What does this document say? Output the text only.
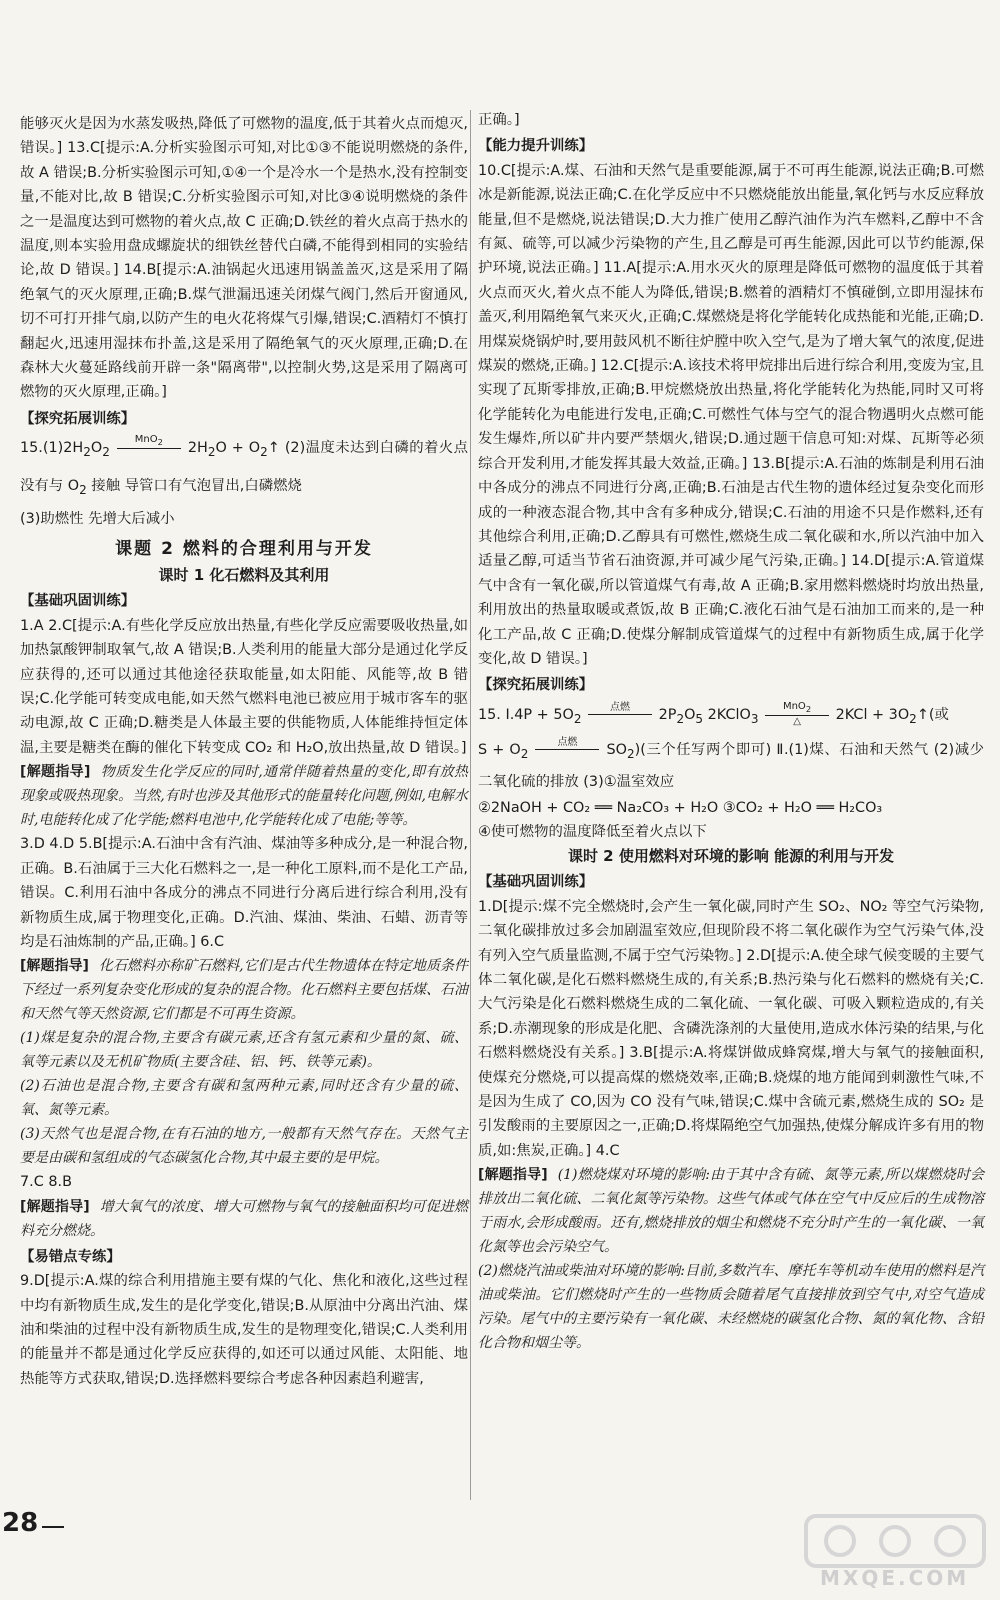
能够灭火是因为水蒸发吸热,降低了可燃物的温度,低于其着火点而熄灭,错误。] 13.C[提示:A.分析实验图示可知,对比①③不能说明燃烧的条件,故 A 错误;B.分析实验图示可知,①④一个是冷水一个是热水,没有控制变量,不能对比,故 B 错误;C.分析实验图示可知,对比③④说明燃烧的条件之一是温度达到可燃物的着火点,故 C 正确;D.铁丝的着火点高于热水的温度,则本实验用盘成螺旋状的细铁丝替代白磷,不能得到相同的实验结论,故 D 错误。] 14.B[提示:A.油锅起火迅速用锅盖盖灭,这是采用了隔绝氧气的灭火原理,正确;B.煤气泄漏迅速关闭煤气阀门,然后开窗通风,切不可打开排气扇,以防产生的电火花将煤气引爆,错误;C.酒精灯不慎打翻起火,迅速用湿抹布扑盖,这是采用了隔绝氧气的灭火原理,正确;D.在森林大火蔓延路线前开辟一条"隔离带",以控制火势,这是采用了隔离可燃物的灭火原理,正确。]

【探究拓展训练】

$15.(1)2H_2O_2$
MnO$_2$	$2H_2O$ + $O_2↑$ (2)温度未达到白磷的着火点 没有与 $O_2$ 接触 导管口有气泡冒出,白磷燃烧

(3)助燃性 先增大后减小

课题 2 燃料的合理利用与开发

课时 1 化石燃料及其利用

【基础巩固训练】

1.A 2.C[提示:A.有些化学反应放出热量,有些化学反应需要吸收热量,如加热氯酸钾制取氧气,故 A 错误;B.人类利用的能量大部分是通过化学反应获得的,还可以通过其他途径获取能量,如太阳能、风能等,故 B 错误;C.化学能可转变成电能,如天然气燃料电池已被应用于城市客车的驱动电源,故 C 正确;D.糖类是人体最主要的供能物质,人体能维持恒定体温,主要是糖类在酶的催化下转变成 CO₂ 和 H₂O,放出热量,故 D 错误。]

[解题指导] 物质发生化学反应的同时,通常伴随着热量的变化,即有放热现象或吸热现象。当然,有时也涉及其他形式的能量转化问题,例如,电解水时,电能转化成了化学能;燃料电池中,化学能转化成了电能;等等。

3.D 4.D 5.B[提示:A.石油中含有汽油、煤油等多种成分,是一种混合物,正确。B.石油属于三大化石燃料之一,是一种化工原料,而不是化工产品,错误。C.利用石油中各成分的沸点不同进行分离后进行综合利用,没有新物质生成,属于物理变化,正确。D.汽油、煤油、柴油、石蜡、沥青等均是石油炼制的产品,正确。] 6.C

[解题指导] 化石燃料亦称矿石燃料,它们是古代生物遗体在特定地质条件下经过一系列复杂变化形成的复杂的混合物。化石燃料主要包括煤、石油和天然气等天然资源,它们都是不可再生资源。

(1)煤是复杂的混合物,主要含有碳元素,还含有氢元素和少量的氮、硫、氧等元素以及无机矿物质(主要含硅、铝、钙、铁等元素)。

(2)石油也是混合物,主要含有碳和氢两种元素,同时还含有少量的硫、氧、氮等元素。

(3)天然气也是混合物,在有石油的地方,一般都有天然气存在。天然气主要是由碳和氢组成的气态碳氢化合物,其中最主要的是甲烷。

7.C 8.B

[解题指导] 增大氧气的浓度、增大可燃物与氧气的接触面积均可促进燃料充分燃烧。

【易错点专练】

9.D[提示:A.煤的综合利用措施主要有煤的气化、焦化和液化,这些过程中均有新物质生成,发生的是化学变化,错误;B.从原油中分离出汽油、煤油和柴油的过程中没有新物质生成,发生的是物理变化,错误;C.人类利用的能量并不都是通过化学反应获得的,如还可以通过风能、太阳能、地热能等方式获取,错误;D.选择燃料要综合考虑各种因素趋利避害,

正确。]

【能力提升训练】

10.C[提示:A.煤、石油和天然气是重要能源,属于不可再生能源,说法正确;B.可燃冰是新能源,说法正确;C.在化学反应中不只燃烧能放出能量,氧化钙与水反应释放能量,但不是燃烧,说法错误;D.大力推广使用乙醇汽油作为汽车燃料,乙醇中不含有氮、硫等,可以减少污染物的产生,且乙醇是可再生能源,因此可以节约能源,保护环境,说法正确。] 11.A[提示:A.用水灭火的原理是降低可燃物的温度低于其着火点而灭火,着火点不能人为降低,错误;B.燃着的酒精灯不慎碰倒,立即用湿抹布盖灭,利用隔绝氧气来灭火,正确;C.煤燃烧是将化学能转化成热能和光能,正确;D.用煤炭烧锅炉时,要用鼓风机不断往炉膛中吹入空气,是为了增大氧气的浓度,促进煤炭的燃烧,正确。] 12.C[提示:A.该技术将甲烷排出后进行综合利用,变废为宝,且实现了瓦斯零排放,正确;B.甲烷燃烧放出热量,将化学能转化为热能,同时又可将化学能转化为电能进行发电,正确;C.可燃性气体与空气的混合物遇明火点燃可能发生爆炸,所以矿井内要严禁烟火,错误;D.通过题干信息可知:对煤、瓦斯等必须综合开发利用,才能发挥其最大效益,正确。] 13.B[提示:A.石油的炼制是利用石油中各成分的沸点不同进行分离,正确;B.石油是古代生物的遗体经过复杂变化而形成的一种液态混合物,其中含有多种成分,错误;C.石油的用途不只是作燃料,还有其他综合利用,正确;D.乙醇具有可燃性,燃烧生成二氧化碳和水,所以汽油中加入适量乙醇,可适当节省石油资源,并可减少尾气污染,正确。] 14.D[提示:A.管道煤气中含有一氧化碳,所以管道煤气有毒,故 A 正确;B.家用燃料燃烧时均放出热量,利用放出的热量取暖或煮饭,故 B 正确;C.液化石油气是石油加工而来的,是一种化工产品,故 C 正确;D.使煤分解制成管道煤气的过程中有新物质生成,属于化学变化,故 D 错误。]

【探究拓展训练】

15. Ⅰ.4P + $5O_2$
点燃	$2P_2O_5$ 2KClO$_3$
MnO$_2$
△	$2KCl + 3O_2↑$(或

$S + O_2$
点燃	$SO_2$)(三个任写两个即可) Ⅱ.(1)煤、石油和天然气 (2)减少二氧化硫的排放 (3)①温室效应

②2NaOH + CO₂ ══ Na₂CO₃ + H₂O ③CO₂ + H₂O ══ H₂CO₃

④使可燃物的温度降低至着火点以下

课时 2 使用燃料对环境的影响 能源的利用与开发

【基础巩固训练】

1.D[提示:煤不完全燃烧时,会产生一氧化碳,同时产生 SO₂、NO₂ 等空气污染物,二氧化碳排放过多会加剧温室效应,但现阶段不将二氧化碳作为空气污染气体,没有列入空气质量监测,不属于空气污染物。] 2.D[提示:A.使全球气候变暖的主要气体二氧化碳,是化石燃料燃烧生成的,有关系;B.热污染与化石燃料的燃烧有关;C.大气污染是化石燃料燃烧生成的二氧化硫、一氧化碳、可吸入颗粒造成的,有关系;D.赤潮现象的形成是化肥、含磷洗涤剂的大量使用,造成水体污染的结果,与化石燃料燃烧没有关系。] 3.B[提示:A.将煤饼做成蜂窝煤,增大与氧气的接触面积,使煤充分燃烧,可以提高煤的燃烧效率,正确;B.烧煤的地方能闻到刺激性气味,不是因为生成了 CO,因为 CO 没有气味,错误;C.煤中含硫元素,燃烧生成的 SO₂ 是引发酸雨的主要原因之一,正确;D.将煤隔绝空气加强热,使煤分解成许多有用的物质,如:焦炭,正确。] 4.C

[解题指导] (1)燃烧煤对环境的影响:由于其中含有硫、氮等元素,所以煤燃烧时会排放出二氧化硫、二氧化氮等污染物。这些气体或气体在空气中反应后的生成物溶于雨水,会形成酸雨。还有,燃烧排放的烟尘和燃烧不充分时产生的一氧化碳、一氧化氮等也会污染空气。

(2)燃烧汽油或柴油对环境的影响:目前,多数汽车、摩托车等机动车使用的燃料是汽油或柴油。它们燃烧时产生的一些物质会随着尾气直接排放到空气中,对空气造成污染。尾气中的主要污染有一氧化碳、未经燃烧的碳氢化合物、氮的氧化物、含铅化合物和烟尘等。

28
MXQE.COM
